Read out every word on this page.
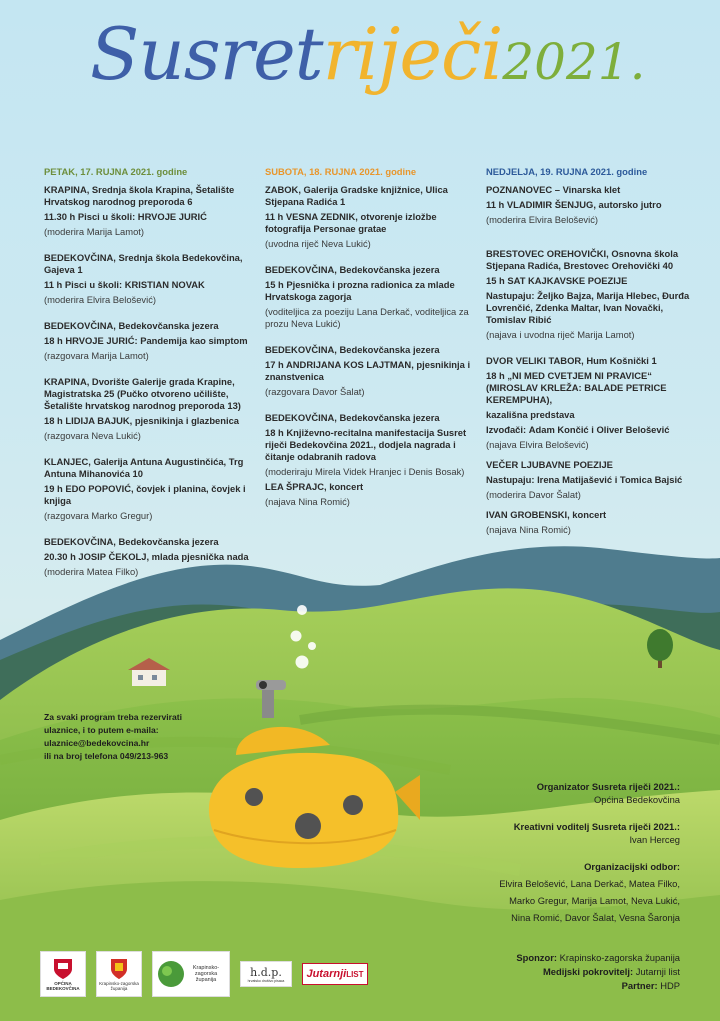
Susretriječi2021.
PETAK, 17. RUJNA 2021. godine
KRAPINA, Srednja škola Krapina, Šetalište Hrvatskog narodnog preporoda 6
11.30 h Pisci u školi: HRVOJE JURIĆ
(moderira Marija Lamot)
BEDEKOVČINA, Srednja škola Bedekovčina, Gajeva 1
11 h Pisci u školi: KRISTIAN NOVAK
(moderira Elvira Belošević)
BEDEKOVČINA, Bedekovčanska jezera
18 h HRVOJE JURIĆ: Pandemija kao simptom
(razgovara Marija Lamot)
KRAPINA, Dvorište Galerije grada Krapine, Magistratska 25 (Pučko otvoreno učilište, Šetalište hrvatskog narodnog preporoda 13)
18 h LIDIJA BAJUK, pjesnikinja i glazbenica
(razgovara Neva Lukić)
KLANJEC, Galerija Antuna Augustinčića, Trg Antuna Mihanovića 10
19 h EDO POPOVIĆ, čovjek i planina, čovjek i knjiga
(razgovara Marko Gregur)
BEDEKOVČINA, Bedekovčanska jezera
20.30 h JOSIP ČEKOLJ, mlada pjesnička nada
(moderira Matea Filko)
SUBOTA, 18. RUJNA 2021. godine
ZABOK, Galerija Gradske knjižnice, Ulica Stjepana Radića 1
11 h VESNA ZEDNIK, otvorenje izložbe fotografija Personae gratae
(uvodna riječ Neva Lukić)
BEDEKOVČINA, Bedekovčanska jezera
15 h Pjesnička i prozna radionica za mlade Hrvatskoga zagorja
(voditeljica za poeziju Lana Derkač, voditeljica za prozu Neva Lukić)
BEDEKOVČINA, Bedekovčanska jezera
17 h ANDRIJANA KOS LAJTMAN, pjesnikinja i znanstvenica
(razgovara Davor Šalat)
BEDEKOVČINA, Bedekovčanska jezera
18 h Književno-recitalna manifestacija Susret riječi Bedekovčina 2021., dodjela nagrada i čitanje odabranih radova
(moderiraju Mirela Videk Hranjec i Denis Bosak)
LEA ŠPRAJC, koncert
(najava Nina Romić)
NEDJELJA, 19. RUJNA 2021. godine
POZNANOVEC – Vinarska klet
11 h VLADIMIR ŠENJUG, autorsko jutro
(moderira Elvira Belošević)
BRESTOVEC OREHOVIČKI, Osnovna škola Stjepana Radića, Brestovec Orehovički 40
15 h SAT KAJKAVSKE POEZIJE
Nastupaju: Željko Bajza, Marija Hlebec, Đurđa Lovrenčić, Zdenka Maltar, Ivan Novački, Tomislav Ribić
(najava i uvodna riječ Marija Lamot)
DVOR VELIKI TABOR, Hum Košnički 1
18 h „NI MED CVETJEM NI PRAVICE“ (MIROSLAV KRLEŽA: BALADE PETRICE KEREMPUHA),
kazališna predstava
Izvođači: Adam Končić i Oliver Belošević
(najava Elvira Belošević)
VEČER LJUBAVNE POEZIJE
Nastupaju: Irena Matijašević i Tomica Bajsić
(moderira Davor Šalat)
IVAN GROBENSKI, koncert
(najava Nina Romić)
Za svaki program treba rezervirati
ulaznice, i to putem e-maila:
ulaznice@bedekovcina.hr
ili na broj telefona 049/213-963
Organizator Susreta riječi 2021.:
Općina Bedekovčina
Kreativni voditelj Susreta riječi 2021.:
Ivan Herceg
Organizacijski odbor:
Elvira Belošević, Lana Derkač, Matea Filko,
Marko Gregur, Marija Lamot, Neva Lukić,
Nina Romić, Davor Šalat, Vesna Šaronja
Sponzor: Krapinsko-zagorska županija
Medijski pokrovitelj: Jutarnji list
Partner: HDP
OPĆINA BEDEKOVČINA
Krapinsko-zagorska županija
Krapinsko-zagorska županija
h.d.p.
hrvatsko društvo pisaca
Jutarnji LIST
